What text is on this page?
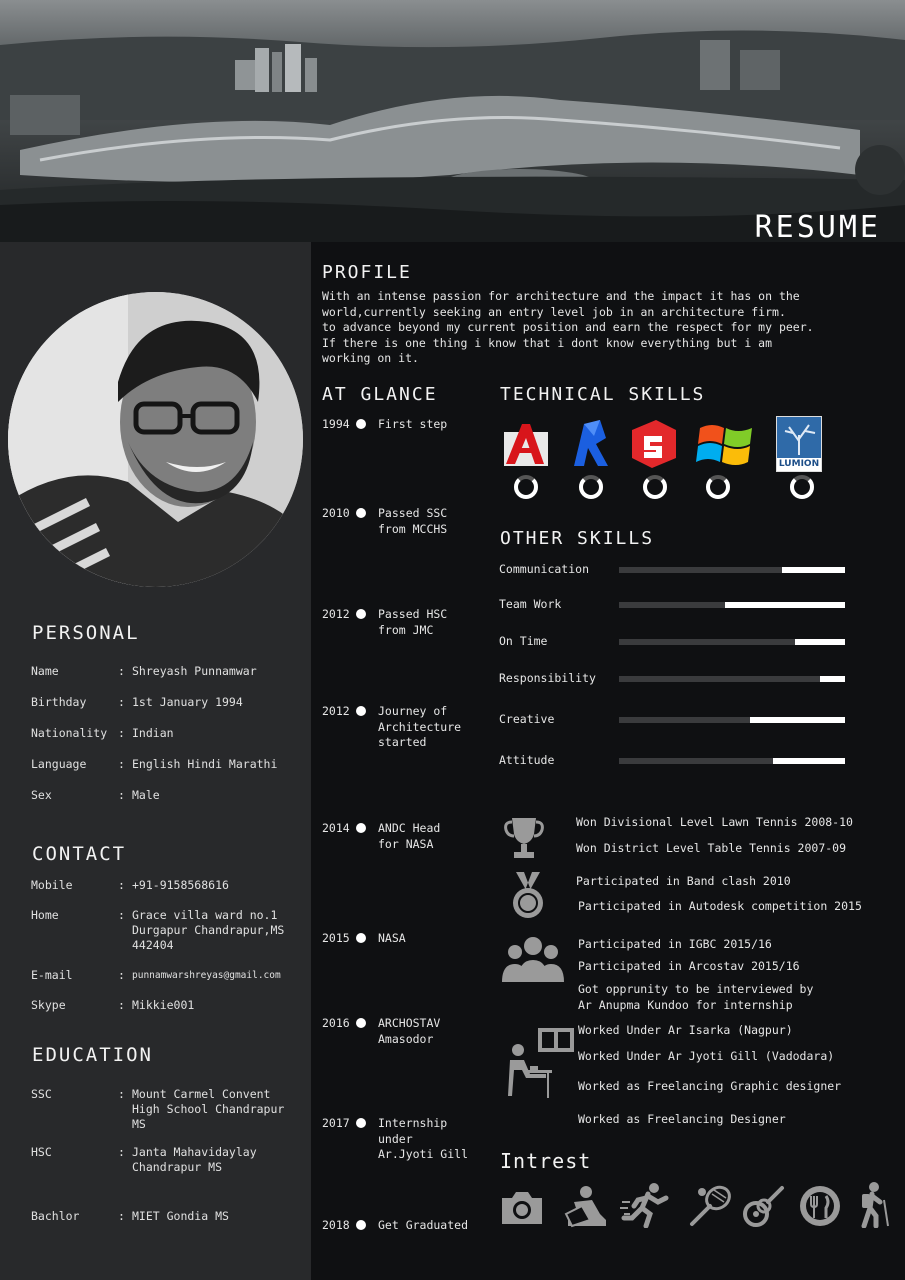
RESUME
PERSONAL
Name	: Shreyash Punnamwar
Birthday	: 1st January 1994
Nationality : Indian
Language	: English Hindi Marathi
Sex	: Male
CONTACT
Mobile	: +91-9158568616
Home	: Grace villa ward no.1
Durgapur Chandrapur,MS
442404
E-mail	: punnamwarshreyas@gmail.com
Skype	: Mikkie001
EDUCATION
SSC	: Mount Carmel Convent
High School Chandrapur
MS
HSC	: Janta Mahavidaylay
Chandrapur MS
Bachlor	: MIET Gondia MS
PROFILE
With an intense passion for architecture and the impact it has on the
world,currently seeking an entry level job in an architecture firm.
to advance beyond my current position and earn the respect for my peer.
If there is one thing i know that i dont know everything but i am
working on it.
AT GLANCE
1994 First step
2010 Passed SSC
from MCCHS
2012 Passed HSC
from JMC
2012 Journey of
Architecture
started
2014 ANDC Head
for NASA
2015 NASA
2016 ARCHOSTAV
Amasodor
2017 Internship
under
Ar.Jyoti Gill
2018 Get Graduated
TECHNICAL SKILLS
LUMION
OTHER SKILLS
Communication
Team Work
On Time
Responsibility
Creative
Attitude
Won Divisional Level Lawn Tennis 2008-10
Won District Level Table Tennis 2007-09
Participated in Band clash 2010
Participated in Autodesk competition 2015
Participated in IGBC 2015/16
Participated in Arcostav 2015/16
Got opprunity to be interviewed by
Ar Anupma Kundoo for internship
Worked Under Ar Isarka (Nagpur)
Worked Under Ar Jyoti Gill (Vadodara)
Worked as Freelancing Graphic designer
Worked as Freelancing Designer
Intrest
